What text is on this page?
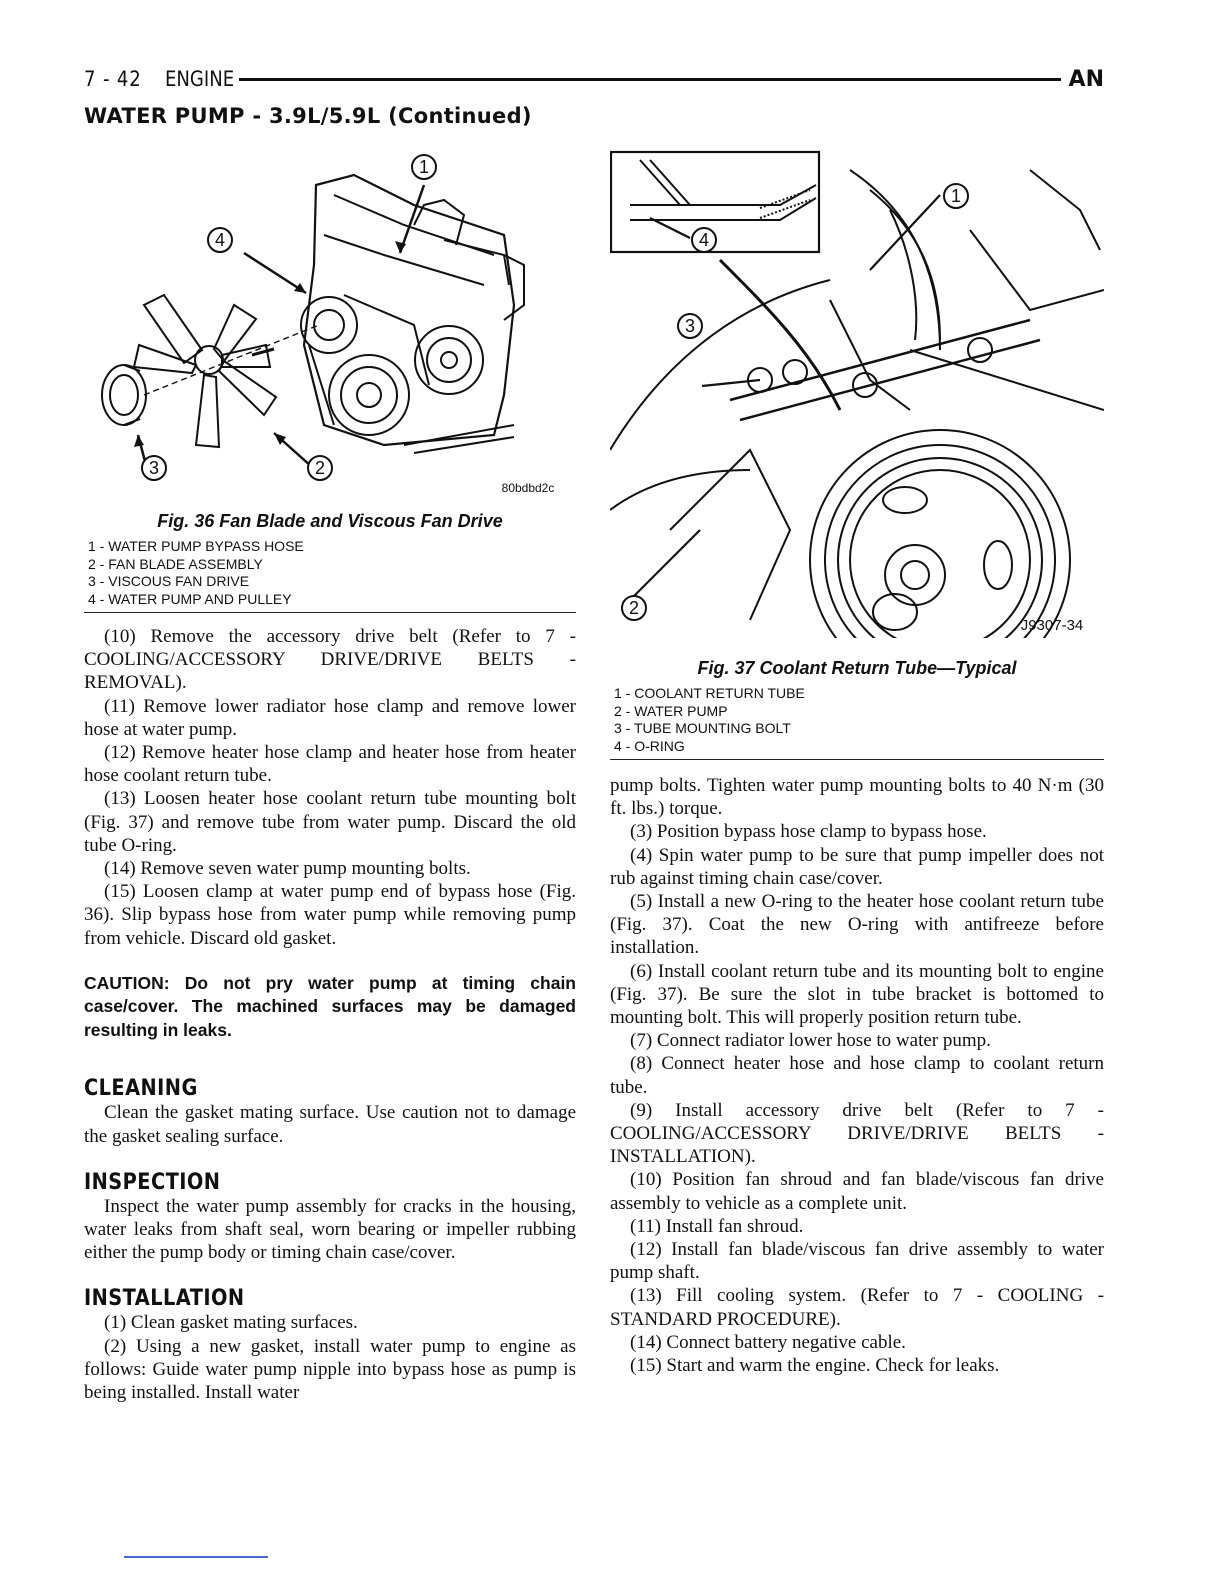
7 - 42 ENGINE	AN
WATER PUMP - 3.9L/5.9L (Continued)
1
4
3	2
80bdbd2c

Fig. 36 Fan Blade and Viscous Fan Drive

1 - WATER PUMP BYPASS HOSE
2 - FAN BLADE ASSEMBLY
3 - VISCOUS FAN DRIVE
4 - WATER PUMP AND PULLEY

(10) Remove the accessory drive belt (Refer to 7 - COOLING/ACCESSORY DRIVE/DRIVE BELTS - REMOVAL).

(11) Remove lower radiator hose clamp and remove lower hose at water pump.

(12) Remove heater hose clamp and heater hose from heater hose coolant return tube.

(13) Loosen heater hose coolant return tube mounting bolt (Fig. 37) and remove tube from water pump. Discard the old tube O-ring.

(14) Remove seven water pump mounting bolts.

(15) Loosen clamp at water pump end of bypass hose (Fig. 36). Slip bypass hose from water pump while removing pump from vehicle. Discard old gasket.

CAUTION: Do not pry water pump at timing chain case/cover. The machined surfaces may be damaged resulting in leaks.

CLEANING

Clean the gasket mating surface. Use caution not to damage the gasket sealing surface.

INSPECTION

Inspect the water pump assembly for cracks in the housing, water leaks from shaft seal, worn bearing or impeller rubbing either the pump body or timing chain case/cover.

INSTALLATION

(1) Clean gasket mating surfaces.

(2) Using a new gasket, install water pump to engine as follows: Guide water pump nipple into bypass hose as pump is being installed. Install water

1
4
3
2
J9307-34

Fig. 37 Coolant Return Tube—Typical

1 - COOLANT RETURN TUBE
2 - WATER PUMP
3 - TUBE MOUNTING BOLT
4 - O-RING

pump bolts. Tighten water pump mounting bolts to 40 N·m (30 ft. lbs.) torque.

(3) Position bypass hose clamp to bypass hose.

(4) Spin water pump to be sure that pump impeller does not rub against timing chain case/cover.

(5) Install a new O-ring to the heater hose coolant return tube (Fig. 37). Coat the new O-ring with antifreeze before installation.

(6) Install coolant return tube and its mounting bolt to engine (Fig. 37). Be sure the slot in tube bracket is bottomed to mounting bolt. This will properly position return tube.

(7) Connect radiator lower hose to water pump.

(8) Connect heater hose and hose clamp to coolant return tube.

(9) Install accessory drive belt (Refer to 7 - COOLING/ACCESSORY DRIVE/DRIVE BELTS - INSTALLATION).

(10) Position fan shroud and fan blade/viscous fan drive assembly to vehicle as a complete unit.

(11) Install fan shroud.

(12) Install fan blade/viscous fan drive assembly to water pump shaft.

(13) Fill cooling system. (Refer to 7 - COOLING - STANDARD PROCEDURE).

(14) Connect battery negative cable.

(15) Start and warm the engine. Check for leaks.
